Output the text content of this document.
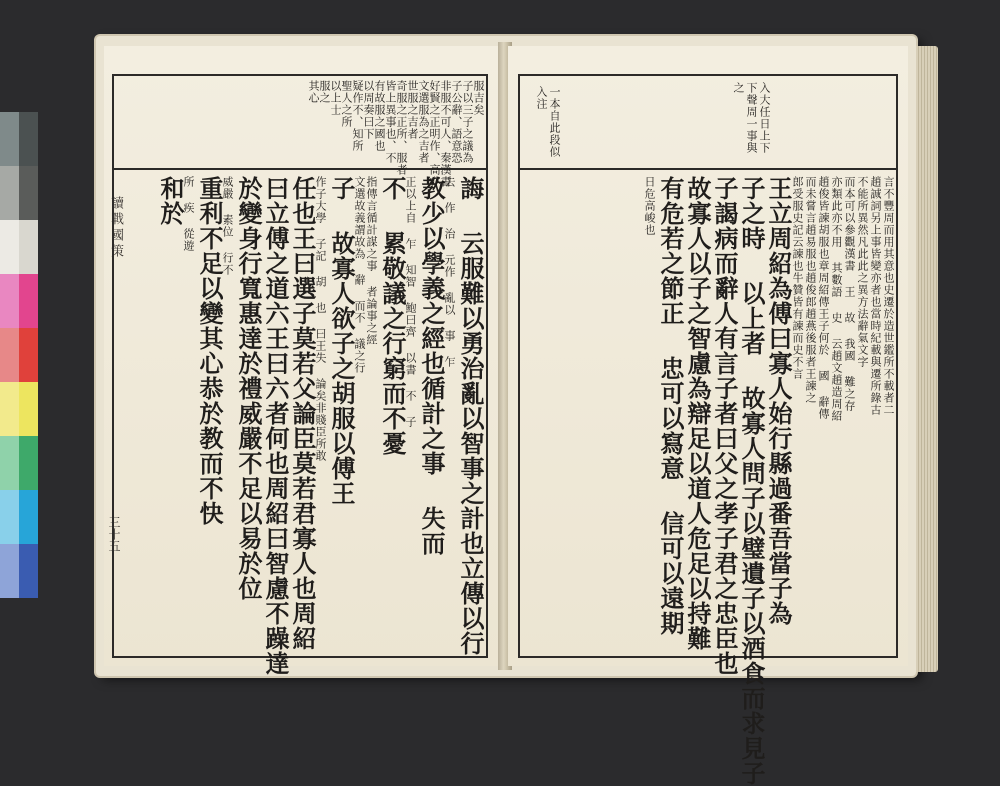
讀戰國策
三十五
服吉矣
子以三子之議為
子公辭、語意恐
非服不可人、秦漢書
好賢之正明作、高亦
文選服為之吉者
世服之吉者
奇服之正所、服者
皆上異事也、不
有故服之國也
以周奏曰下
疑作不、知所
聖人之所
以上士
服之
其心
誨 云服難以勇治亂以智事之計也立傳以行
去 作 治 元作 亂以 事 乍
教少以學義之經也循計之事 失而
正以上自 乍 知智 鮑曰齊 以書 不 子
不 累敬議之行窮而不憂
指傳言循計謀之事 者論事之經
文選故義謂故為 辭 而不 議之行
子 故寡人欲子之胡服以傅王
作子大學 子記 胡 也 曰王失 論矣非賤臣所敢
任也王曰選子莫若父論臣莫若君寡人也周紹
曰立傅之道六王曰六者何也周紹曰智慮不躁達
於變身行寬惠達於禮威嚴不足以易於位
威嚴 素位 行不
重利不足以變其心恭於教而不快
所 疾 從遊
和於
入大任日上下
下聲周一事與
之
一本自此段似
入注
言不豐周而用其意也史遷於造世鑑所不載者二
趙誠詞另上事皆變亦者也當時紀載與遷所錄古
不能所異然凡此此之異方法辭氣文字
而本可以參觀漢書 王 故 我國 難之存
亦類此亦不用 其數語 史 云趙文趙造周紹
趙俊皆諫胡服也章周紹傳王子何於 國 辭傳
而未嘗言趙易服也趙俊郎趙燕後服者王諫之
郎受服史記云諫也牛贊皆有諫而史不言
王立周紹為傅曰寡人始行縣過番吾當子為
子之時 以上者 故寡人問子以璧遺子以酒食而求見子
子謁病而辭人有言子者曰父之孝子君之忠臣也
故寡人以子之智慮為辯足以道人危足以持難
有危若之節正 忠可以寫意 信可以遠期
日危高峻也
